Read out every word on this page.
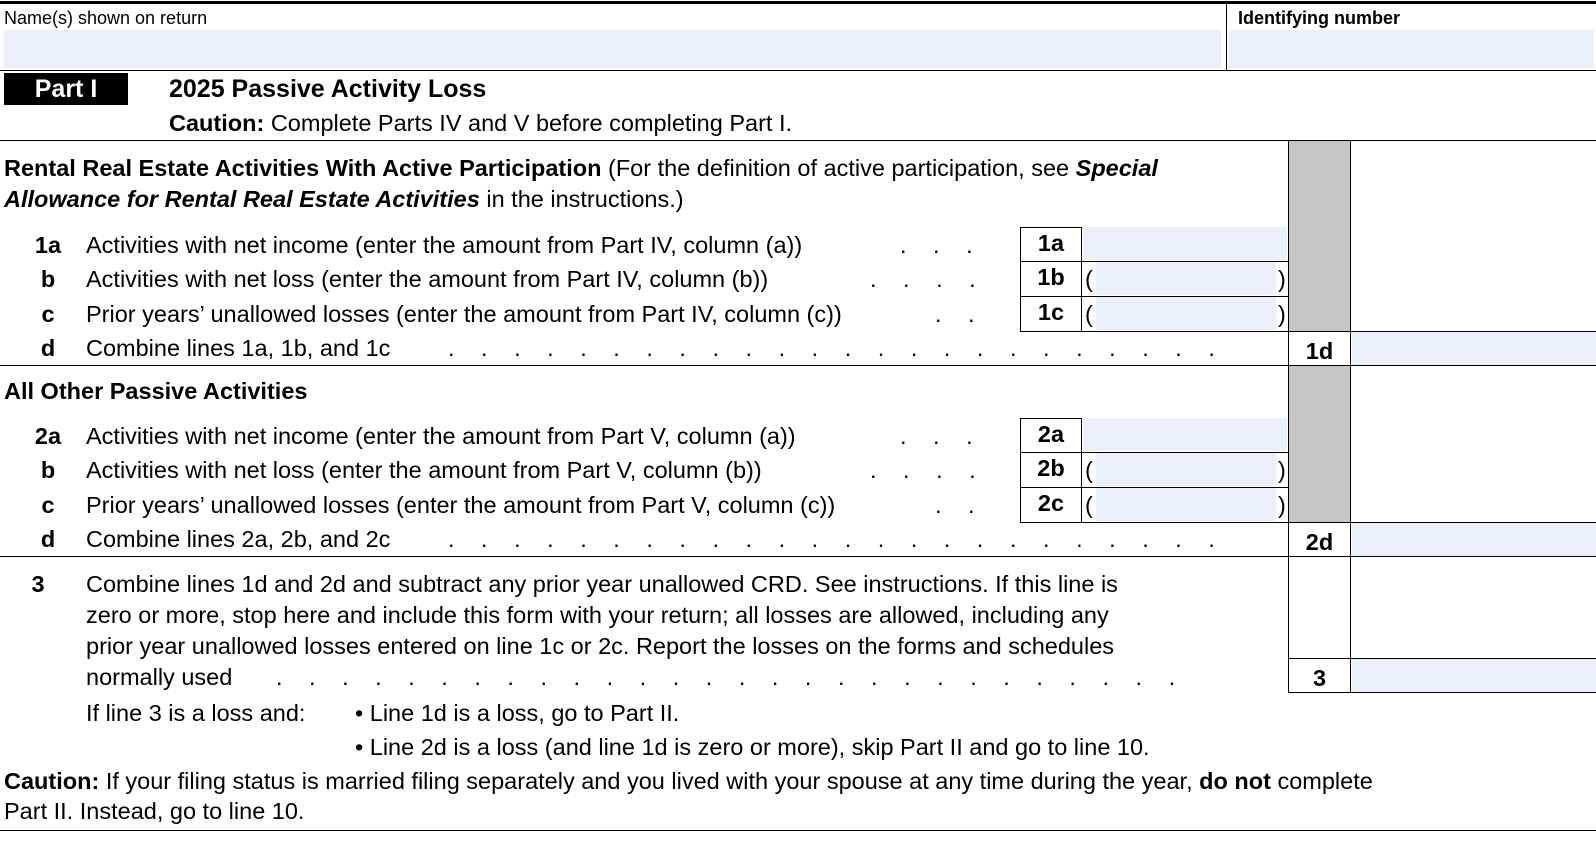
Name(s) shown on return	Identifying number
Part I	2025 Passive Activity Loss
Caution: Complete Parts IV and V before completing Part I.
Rental Real Estate Activities With Active Participation (For the definition of active participation, see Special
Allowance for Rental Real Estate Activities in the instructions.)
1a Activities with net income (enter the amount from Part IV, column (a))	. . .	1a
b	Activities with net loss (enter the amount from Part IV, column (b))	. . . .	1b (	)
c	Prior years’ unallowed losses (enter the amount from Part IV, column (c))	. .	1c (	)
d	Combine lines 1a, 1b, and 1c . . . . . . . . . . . . . . . . . . . . . . . .	1d
All Other Passive Activities
2a Activities with net income (enter the amount from Part V, column (a))	. . .	2a
b	Activities with net loss (enter the amount from Part V, column (b))	. . . .	2b (	)
c	Prior years’ unallowed losses (enter the amount from Part V, column (c))	. .	2c (	)
d	Combine lines 2a, 2b, and 2c . . . . . . . . . . . . . . . . . . . . . . . .	2d
3	Combine lines 1d and 2d and subtract any prior year unallowed CRD. See instructions. If this line is
zero or more, stop here and include this form with your return; all losses are allowed, including any
prior year unallowed losses entered on line 1c or 2c. Report the losses on the forms and schedules
normally used . . . . . . . . . . . . . . . . . . . . . . . . . . . .	3
If line 3 is a loss and: • Line 1d is a loss, go to Part II.
• Line 2d is a loss (and line 1d is zero or more), skip Part II and go to line 10.
Caution: If your filing status is married filing separately and you lived with your spouse at any time during the year, do not complete
Part II. Instead, go to line 10.
